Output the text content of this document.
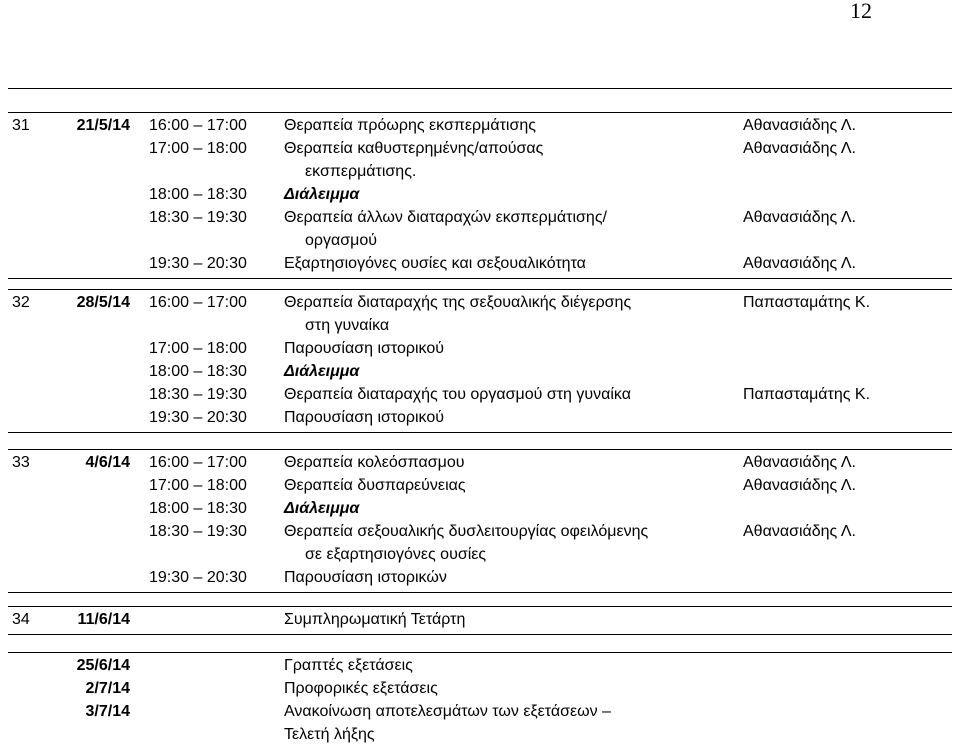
12
31	21/5/14 16:00 – 17:00 Θεραπεία πρόωρης εκσπερμάτισης	Αθανασιάδης Λ.
17:00 – 18:00 Θεραπεία καθυστερημένης/απούσας	Αθανασιάδης Λ.
εκσπερμάτισης.
18:00 – 18:30 Διάλειμμα
18:30 – 19:30 Θεραπεία άλλων διαταραχών εκσπερμάτισης/	Αθανασιάδης Λ.
οργασμού
19:30 – 20:30 Εξαρτησιογόνες ουσίες και σεξουαλικότητα	Αθανασιάδης Λ.
32	28/5/14 16:00 – 17:00 Θεραπεία διαταραχής της σεξουαλικής διέγερσης	Παπασταμάτης Κ.
στη γυναίκα
17:00 – 18:00 Παρουσίαση ιστορικού
18:00 – 18:30 Διάλειμμα
18:30 – 19:30 Θεραπεία διαταραχής του οργασμού στη γυναίκα	Παπασταμάτης Κ.
19:30 – 20:30 Παρουσίαση ιστορικού
33	4/6/14 16:00 – 17:00 Θεραπεία κολεόσπασμου	Αθανασιάδης Λ.
17:00 – 18:00 Θεραπεία δυσπαρεύνειας	Αθανασιάδης Λ.
18:00 – 18:30 Διάλειμμα
18:30 – 19:30 Θεραπεία σεξουαλικής δυσλειτουργίας οφειλόμενης	Αθανασιάδης Λ.
σε εξαρτησιογόνες ουσίες
19:30 – 20:30 Παρουσίαση ιστορικών
34	11/6/14	Συμπληρωματική Τετάρτη
25/6/14	Γραπτές εξετάσεις
2/7/14	Προφορικές εξετάσεις
3/7/14	Ανακοίνωση αποτελεσμάτων των εξετάσεων –
Τελετή λήξης
